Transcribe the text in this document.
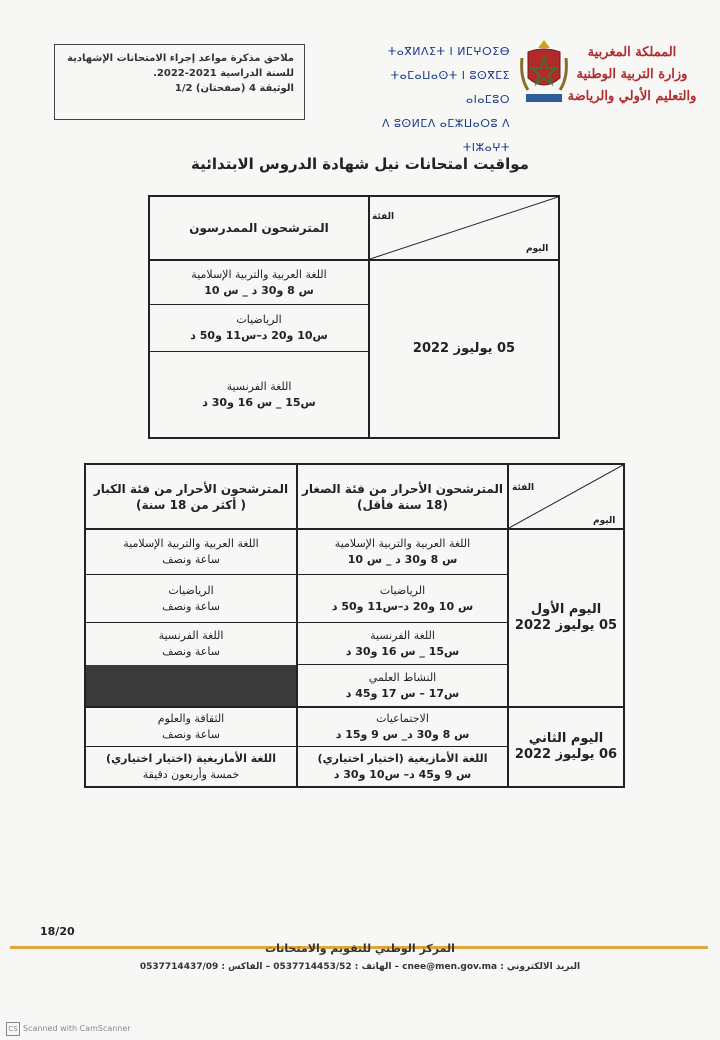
ملاحق مذكرة مواعد إجراء الامتحانات الإشهادية
للسنة الدراسية 2021-2022.
الوثيقة 4 (صفحتان) 1/2
ⵜⴰⴳⵍⴷⵉⵜ ⵏ ⵍⵎⵖⵔⵉⴱ
ⵜⴰⵎⴰⵡⴰⵙⵜ ⵏ ⵓⵙⴳⵎⵉ ⴰⵏⴰⵎⵓⵔ
ⴷ ⵓⵙⵍⵎⴷ ⴰⵎⵣⵡⴰⵔⵓ ⴷ ⵜⵏⵣⴰⵖⵜ
المملكة المغربية
وزارة التربية الوطنية
والتعليم الأولي والرياضة
مواقيت امتحانات نيل شهادة الدروس الابتدائية
الفئة
اليوم
المترشحون الممدرسون
اللغة العربية والتربية الإسلامية
س 8 و30 د _ س 10
الرياضيات
س10 و20 د–س11 و50 د
اللغة الفرنسية
س15 _ س 16 و30 د
05 يوليوز 2022
الفئة
اليوم
المترشحون الأحرار من فئة الصغار
(18 سنة فأقل)
المترشحون الأحرار من فئة الكبار
( أكثر من 18 سنة)
اليوم الأول
05 يوليوز 2022
اليوم الثاني
06 يوليوز 2022
اللغة العربية والتربية الإسلامية
س 8 و30 د _ س 10
الرياضيات
س 10 و20 د–س11 و50 د
اللغة الفرنسية
س15 _ س 16 و30 د
النشاط العلمي
س17 – س 17 و45 د
الاجتماعيات
س 8 و30 د_ س 9 و15 د
اللغة الأمازيغية (اختيار اختياري)
س 9 و45 د– س10 و30 د
اللغة العربية والتربية الإسلامية
ساعة ونصف
الرياضيات
ساعة ونصف
اللغة الفرنسية
ساعة ونصف
الثقافة والعلوم
ساعة ونصف
اللغة الأمازيغية (اختيار اختياري)
خمسة وأربعون دقيقة
18/20
المركز الوطني للتقويم والامتحانات
البريد الالكتروني : cnee@men.gov.ma – الهاتف : 0537714453/52 – الفاكس : 0537714437/09
CS Scanned with CamScanner
